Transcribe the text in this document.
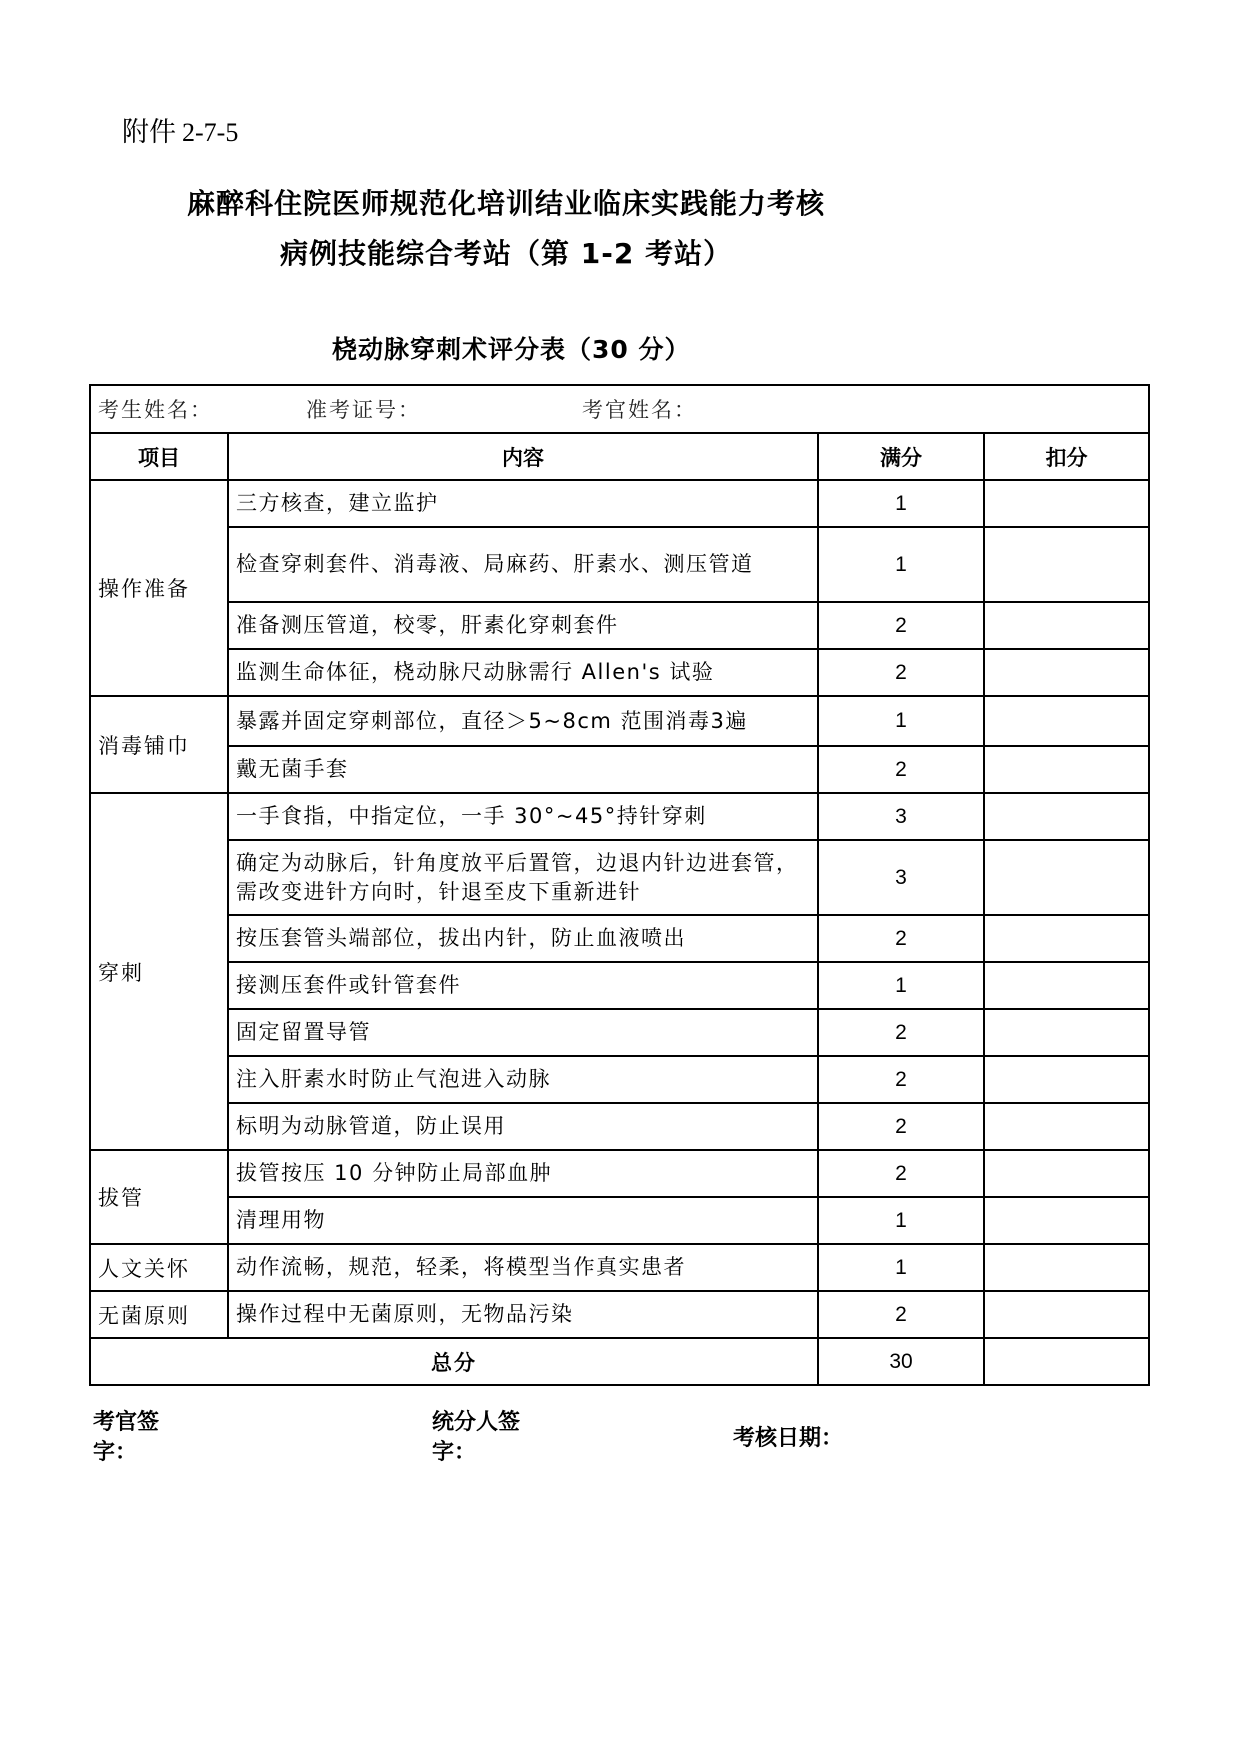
附件 2-7-5
麻醉科住院医师规范化培训结业临床实践能力考核
病例技能综合考站（第 1-2 考站）
桡动脉穿刺术评分表（30 分）
考生姓名： 准考证号： 考官姓名：			
项目	内容	满分	扣分
操作准备	三方核查，建立监护	1	
	检查穿刺套件、消毒液、局麻药、肝素水、测压管道	1	
	准备测压管道，校零，肝素化穿刺套件	2	
	监测生命体征，桡动脉尺动脉需行 Allen's 试验	2	
消毒铺巾	暴露并固定穿刺部位，直径＞5~8cm 范围消毒3遍	1	
	戴无菌手套	2	
穿刺	一手食指，中指定位，一手 30°~45°持针穿刺	3	
	确定为动脉后，针角度放平后置管，边退内针边进套管， 需改变进针方向时，针退至皮下重新进针	3	
	按压套管头端部位，拔出内针，防止血液喷出	2	
	接测压套件或针管套件	1	
	固定留置导管	2	
	注入肝素水时防止气泡进入动脉	2	
	标明为动脉管道，防止误用	2	
拔管	拔管按压 10 分钟防止局部血肿	2	
	清理用物	1	
人文关怀	动作流畅，规范，轻柔，将模型当作真实患者	1	
无菌原则	操作过程中无菌原则，无物品污染	2	
总分		30	
考官签字：
统分人签字：
考核日期：
